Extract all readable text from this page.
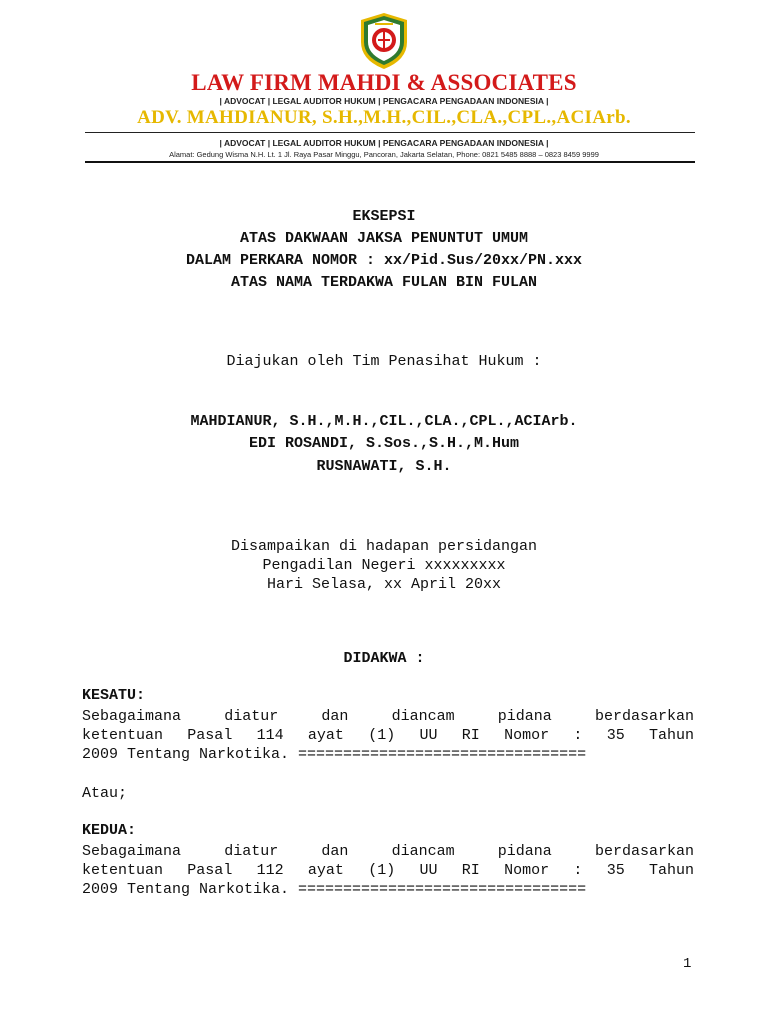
LAW FIRM MAHDI & ASSOCIATES
| ADVOCAT | LEGAL AUDITOR HUKUM | PENGACARA PENGADAAN INDONESIA |
ADV. MAHDIANUR, S.H.,M.H.,CIL.,CLA.,CPL.,ACIArb.
| ADVOCAT | LEGAL AUDITOR HUKUM | PENGACARA PENGADAAN INDONESIA |
Alamat: Gedung Wisma N.H. Lt. 1 Jl. Raya Pasar Minggu, Pancoran, Jakarta Selatan, Phone: 0821 5485 8888 – 0823 8459 9999
EKSEPSI
ATAS DAKWAAN JAKSA PENUNTUT UMUM
DALAM PERKARA NOMOR : xx/Pid.Sus/20xx/PN.xxx
ATAS NAMA TERDAKWA FULAN BIN FULAN
Diajukan oleh Tim Penasihat Hukum :
MAHDIANUR, S.H.,M.H.,CIL.,CLA.,CPL.,ACIArb.
EDI ROSANDI, S.Sos.,S.H.,M.Hum
RUSNAWATI, S.H.
Disampaikan di hadapan persidangan
Pengadilan Negeri xxxxxxxxx
Hari Selasa, xx April 20xx
DIDAKWA :
KESATU:
Sebagaimana diatur dan diancam pidana berdasarkan
ketentuan Pasal 114 ayat (1) UU RI Nomor : 35 Tahun
2009 Tentang Narkotika. ================================
Atau;
KEDUA:
Sebagaimana diatur dan diancam pidana berdasarkan
ketentuan Pasal 112 ayat (1) UU RI Nomor : 35 Tahun
2009 Tentang Narkotika. ================================
1
